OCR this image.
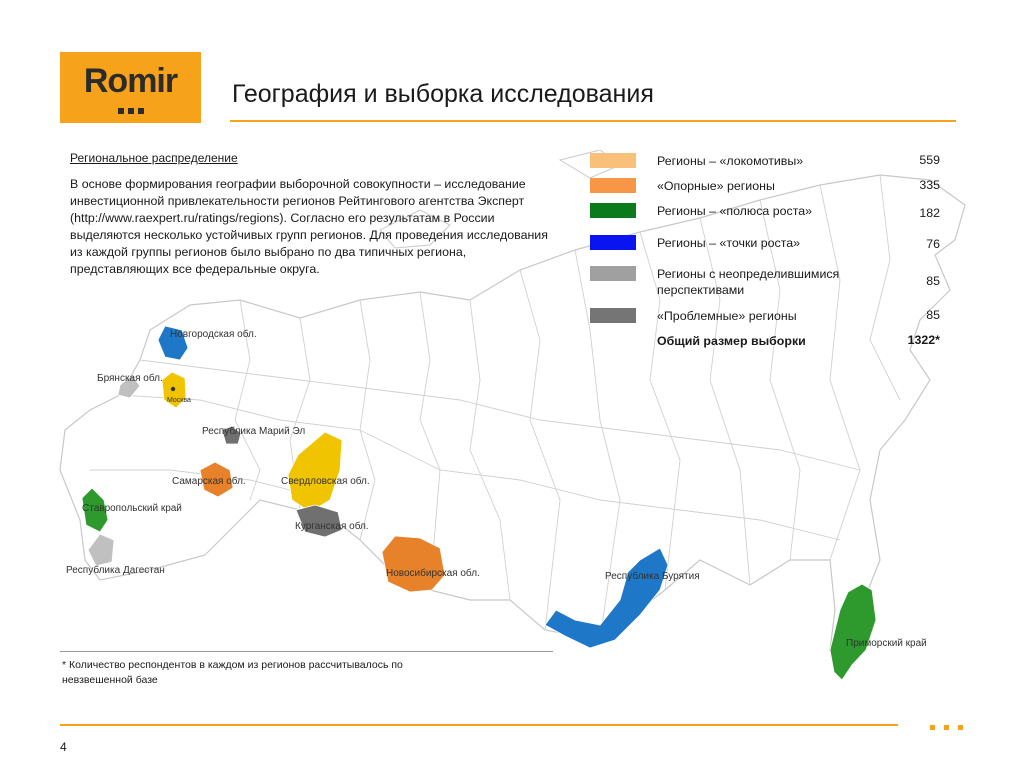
Новгородская обл.
Брянская обл.
Москва
Республика Марий Эл
Самарская обл.	Свердловская обл.
Ставропольский край
Курганская обл.
Республика Дагестан	Новосибирская обл.	Республика Бурятия
Приморский край
Romir	География и выборка исследования
Региональное распределение
В основе формирования географии выборочной совокупности – исследование инвестиционной привлекательности регионов Рейтингового агентства Эксперт (http://www.raexpert.ru/ratings/regions). Согласно его результатам в России выделяются несколько устойчивых групп регионов. Для проведения исследования из каждой группы регионов было выбрано по два типичных региона, представляющих все федеральные округа.
Регионы – «локомотивы»	559
«Опорные» регионы	335
Регионы – «полюса роста»	182
Регионы – «точки роста»	76
Регионы с неопределившимися перспективами
85
«Проблемные» регионы	85
Общий размер выборки	1322*
* Количество респондентов в каждом из регионов рассчитывалось по невзвешенной базе
4
